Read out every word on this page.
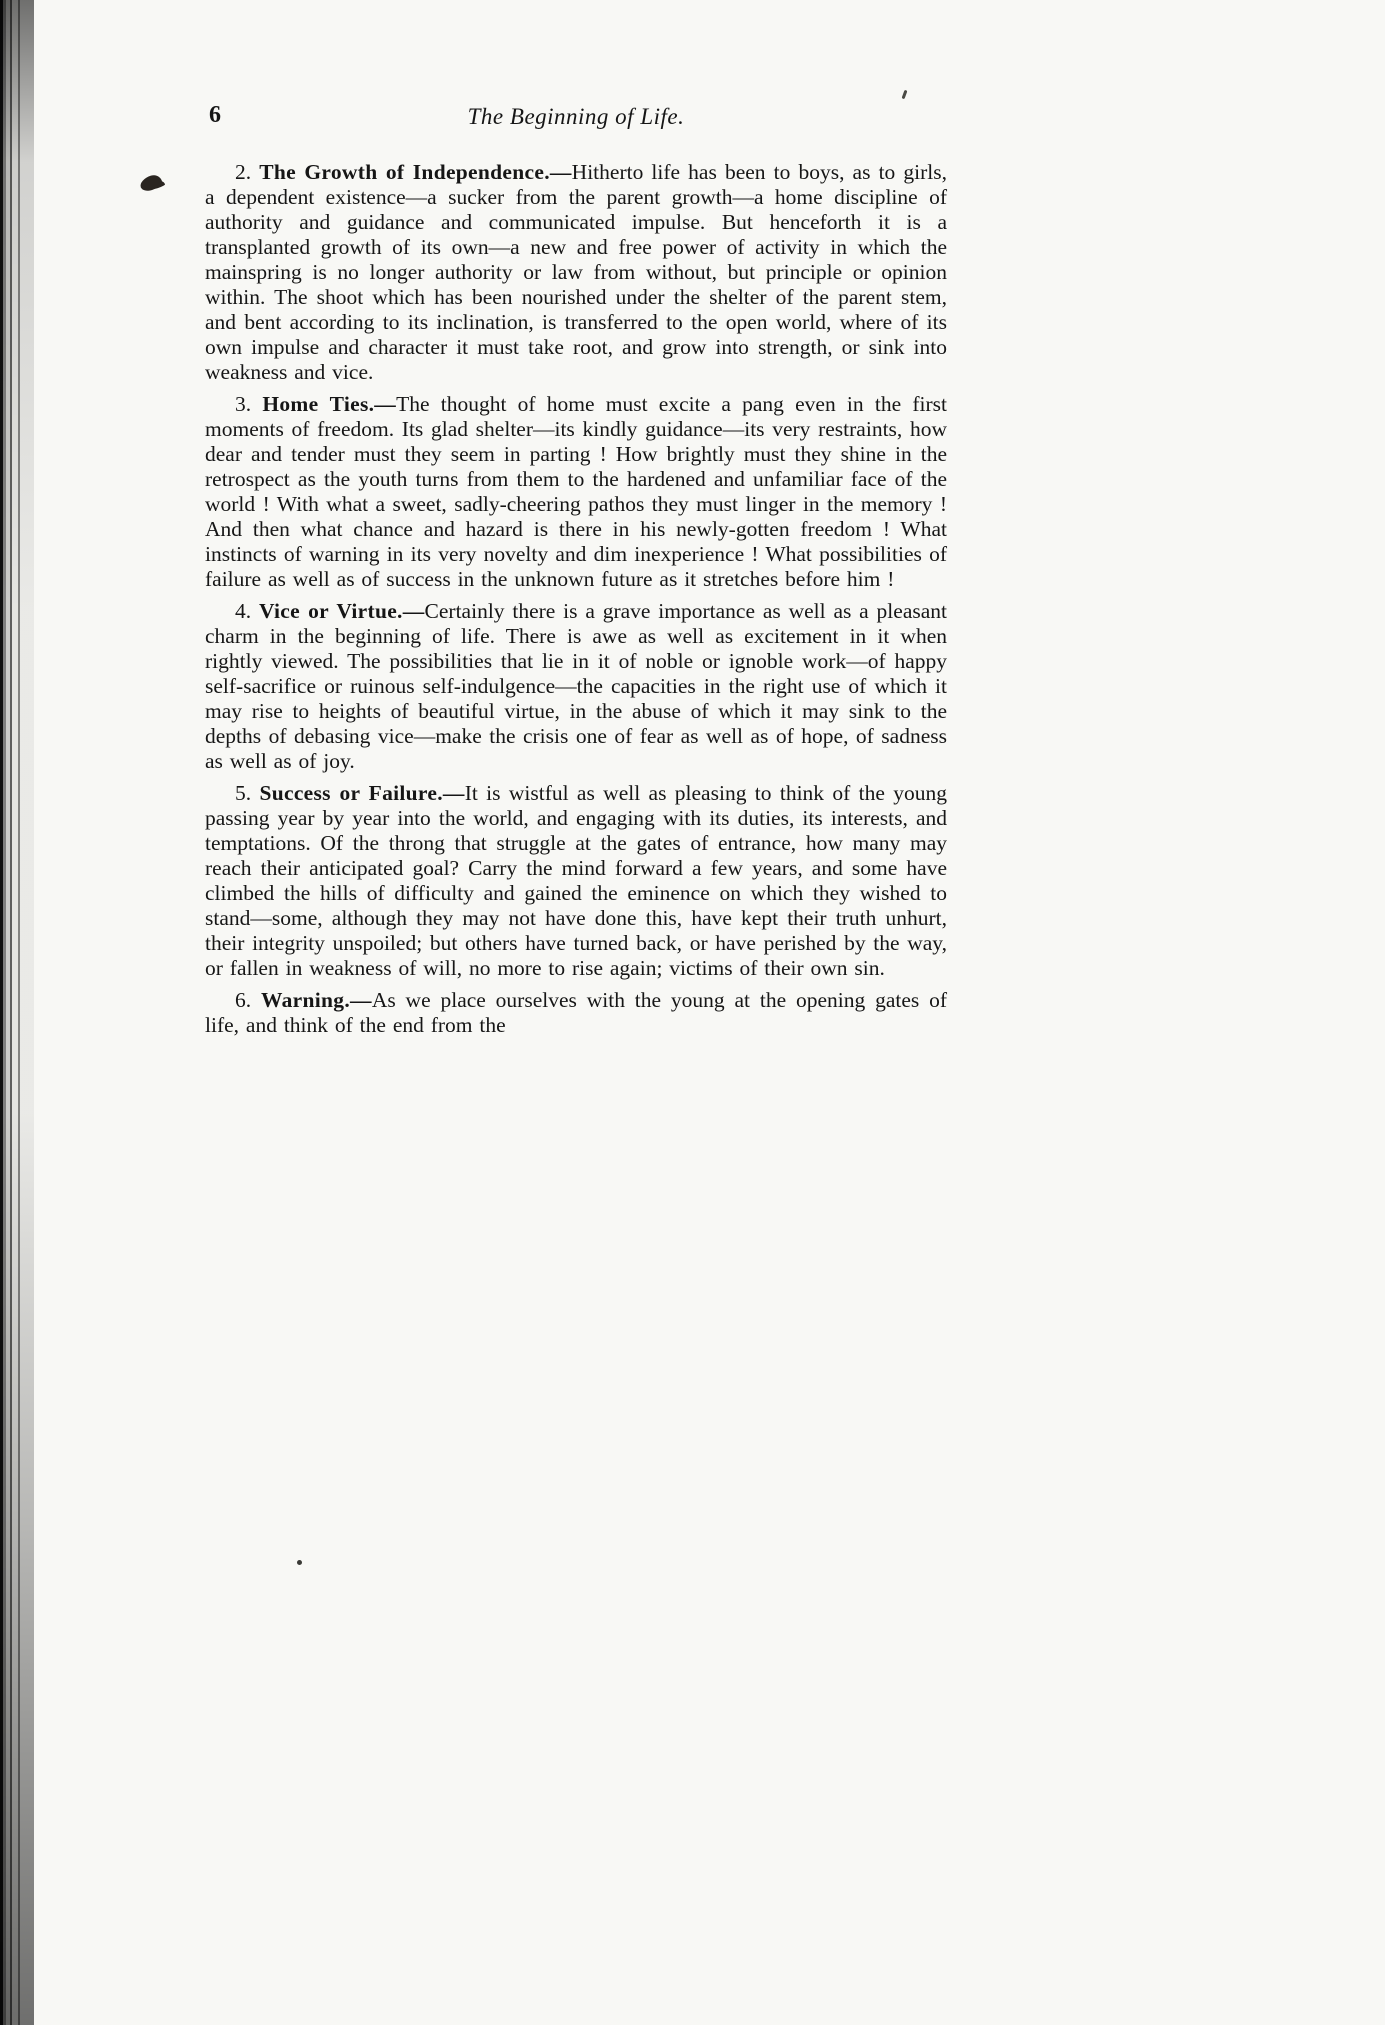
6	The Beginning of Life.

2. The Growth of Independence.—Hitherto life has been to boys, as to girls, a dependent existence—a sucker from the parent growth—a home discipline of authority and guidance and communicated impulse. But henceforth it is a transplanted growth of its own—a new and free power of activity in which the mainspring is no longer authority or law from without, but principle or opinion within. The shoot which has been nourished under the shelter of the parent stem, and bent according to its inclination, is transferred to the open world, where of its own impulse and character it must take root, and grow into strength, or sink into weakness and vice.

3. Home Ties.—The thought of home must excite a pang even in the first moments of freedom. Its glad shelter—its kindly guidance—its very restraints, how dear and tender must they seem in parting ! How brightly must they shine in the retrospect as the youth turns from them to the hardened and unfamiliar face of the world ! With what a sweet, sadly-cheering pathos they must linger in the memory ! And then what chance and hazard is there in his newly-gotten freedom ! What instincts of warning in its very novelty and dim inexperience ! What possibilities of failure as well as of success in the unknown future as it stretches before him !

4. Vice or Virtue.—Certainly there is a grave importance as well as a pleasant charm in the beginning of life. There is awe as well as excitement in it when rightly viewed. The possibilities that lie in it of noble or ignoble work—of happy self-sacrifice or ruinous self-indulgence—the capacities in the right use of which it may rise to heights of beautiful virtue, in the abuse of which it may sink to the depths of debasing vice—make the crisis one of fear as well as of hope, of sadness as well as of joy.

5. Success or Failure.—It is wistful as well as pleasing to think of the young passing year by year into the world, and engaging with its duties, its interests, and temptations. Of the throng that struggle at the gates of entrance, how many may reach their anticipated goal? Carry the mind forward a few years, and some have climbed the hills of difficulty and gained the eminence on which they wished to stand—some, although they may not have done this, have kept their truth unhurt, their integrity unspoiled; but others have turned back, or have perished by the way, or fallen in weakness of will, no more to rise again; victims of their own sin.

6. Warning.—As we place ourselves with the young at the opening gates of life, and think of the end from the
